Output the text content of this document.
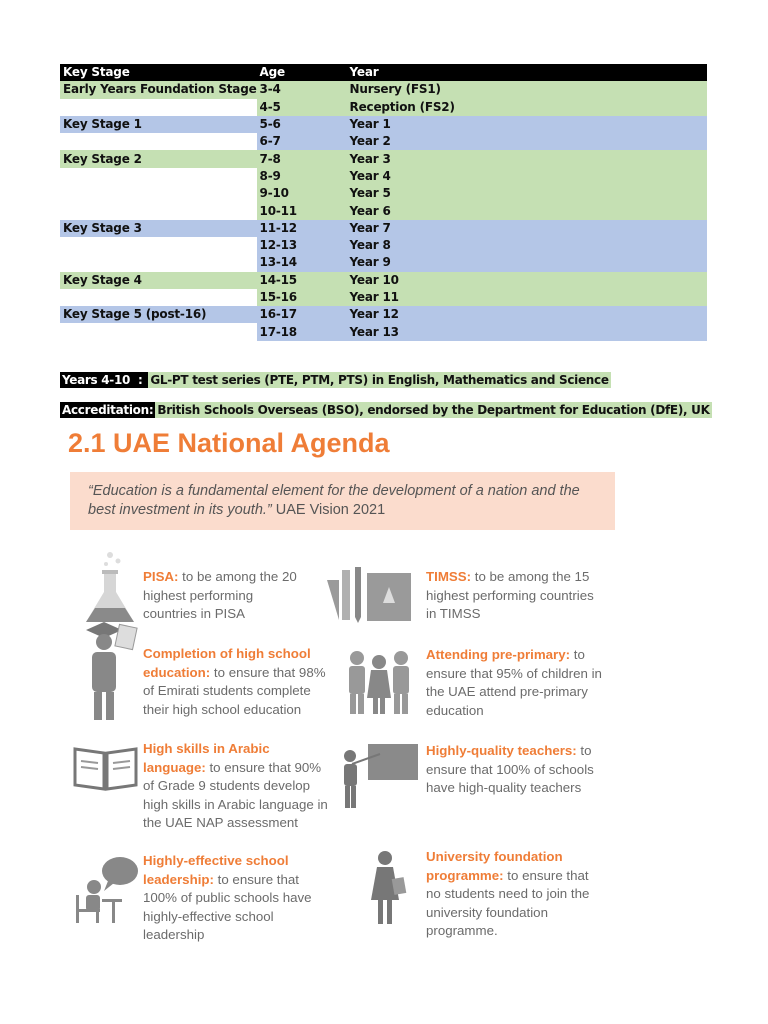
Key Stage	Age	Year
Early Years Foundation Stage	3-4	Nursery (FS1)
	4-5	Reception (FS2)
Key Stage 1	5-6	Year 1
	6-7	Year 2
Key Stage 2	7-8	Year 3
	8-9	Year 4
	9-10	Year 5
	10-11	Year 6
Key Stage 3	11-12	Year 7
	12-13	Year 8
	13-14	Year 9
Key Stage 4	14-15	Year 10
	15-16	Year 11
Key Stage 5 (post-16)	16-17	Year 12
	17-18	Year 13
Years 4-10 : GL-PT test series (PTE, PTM, PTS) in English, Mathematics and Science
Accreditation: British Schools Overseas (BSO), endorsed by the Department for Education (DfE), UK
2.1 UAE National Agenda
“Education is a fundamental element for the development of a nation and the best investment in its youth.” UAE Vision 2021
PISA: to be among the 20 highest performing countries in PISA
TIMSS: to be among the 15 highest performing countries in TIMSS
Completion of high school education: to ensure that 98% of Emirati students complete their high school education
Attending pre-primary: to ensure that 95% of children in the UAE attend pre-primary education
High skills in Arabic language: to ensure that 90% of Grade 9 students develop high skills in Arabic language in the UAE NAP assessment
Highly-quality teachers: to ensure that 100% of schools have high-quality teachers
Highly-effective school leadership: to ensure that 100% of public schools have highly-effective school leadership
University foundation programme: to ensure that no students need to join the university foundation programme.
